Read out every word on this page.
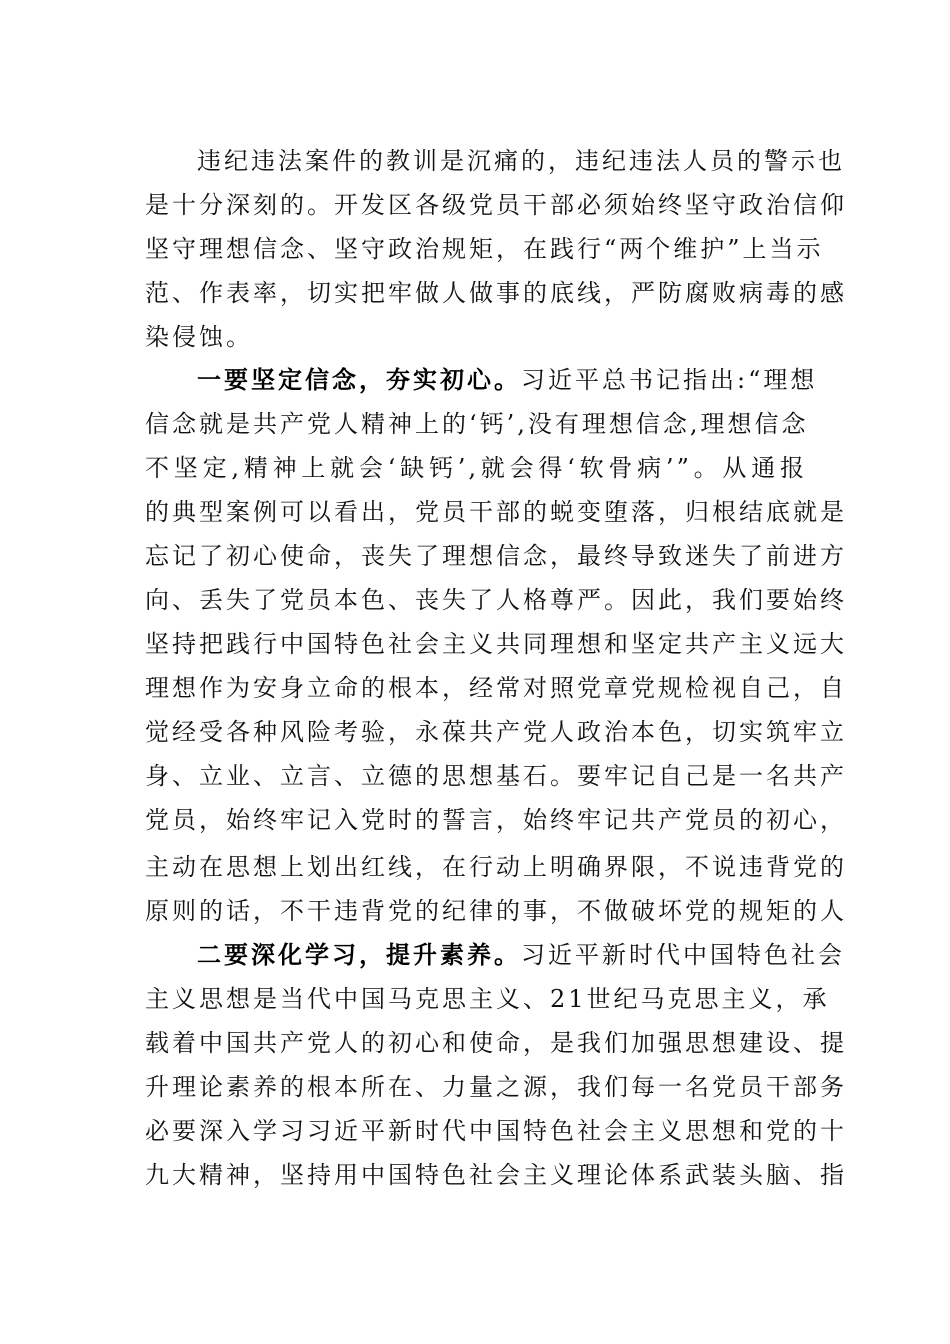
违纪违法案件的教训是沉痛的，违纪违法人员的警示也
是十分深刻的。开发区各级党员干部必须始终坚守政治信仰
坚守理想信念、坚守政治规矩，在践行“两个维护”上当示
范、作表率，切实把牢做人做事的底线，严防腐败病毒的感
染侵蚀。
一要坚定信念，夯实初心。习近平总书记指出:“理想
信念就是共产党人精神上的‘钙’,没有理想信念,理想信念
不坚定,精神上就会‘缺钙’,就会得‘软骨病’”。从通报
的典型案例可以看出，党员干部的蜕变堕落，归根结底就是
忘记了初心使命，丧失了理想信念，最终导致迷失了前进方
向、丢失了党员本色、丧失了人格尊严。因此，我们要始终
坚持把践行中国特色社会主义共同理想和坚定共产主义远大
理想作为安身立命的根本，经常对照党章党规检视自己，自
觉经受各种风险考验，永葆共产党人政治本色，切实筑牢立
身、立业、立言、立德的思想基石。要牢记自己是一名共产
党员，始终牢记入党时的誓言，始终牢记共产党员的初心，
主动在思想上划出红线，在行动上明确界限，不说违背党的
原则的话，不干违背党的纪律的事，不做破坏党的规矩的人
二要深化学习，提升素养。习近平新时代中国特色社会
主义思想是当代中国马克思主义、21世纪马克思主义，承
载着中国共产党人的初心和使命，是我们加强思想建设、提
升理论素养的根本所在、力量之源，我们每一名党员干部务
必要深入学习习近平新时代中国特色社会主义思想和党的十
九大精神，坚持用中国特色社会主义理论体系武装头脑、指
